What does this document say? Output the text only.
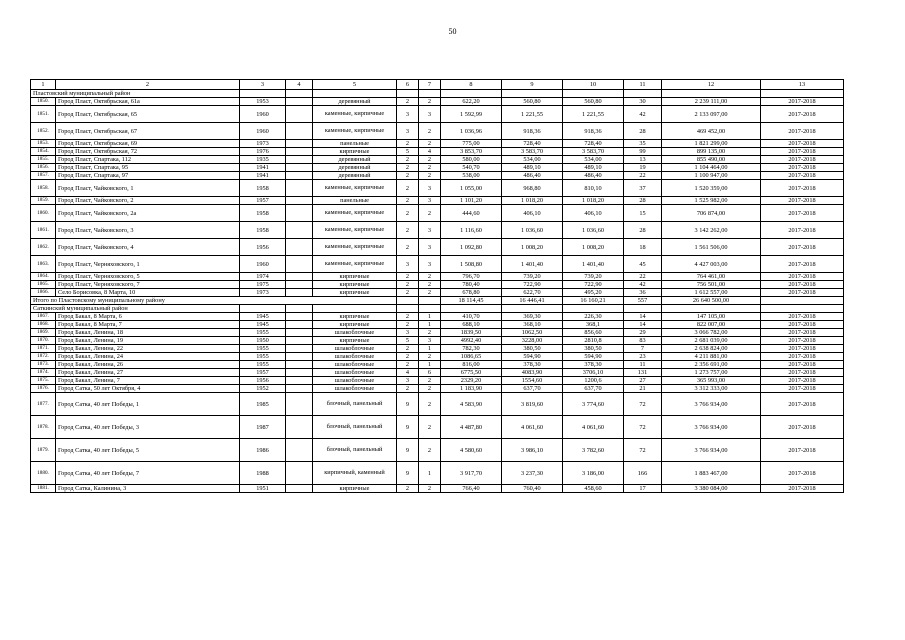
50
1	2	3	4	5	6	7	8	9	10	11	12	13
Пластовский муниципальный район												
1850.	Город Пласт, Октябрьская, 61а	1953		деревянный	2	2	622,20	560,80	560,80	30	2 239 111,00	2017-2018
1851.	Город Пласт, Октябрьская, 65	1960		каменные, кирпичные	3	3	1 592,99	1 221,55	1 221,55	42	2 133 097,00	2017-2018
1852.	Город Пласт, Октябрьская, 67	1960		каменные, кирпичные	3	2	1 036,96	918,36	918,36	28	469 452,00	2017-2018
1853.	Город Пласт, Октябрьская, 69	1973		панельные	2	2	775,00	728,40	728,40	35	1 821 299,00	2017-2018
1854.	Город Пласт, Октябрьская, 72	1976		кирпичные	5	4	3 853,70	3 583,70	3 583,70	99	899 135,00	2017-2018
1855.	Город Пласт, Спартака, 112	1935		деревянный	2	2	580,00	534,00	534,00	13	855 490,00	2017-2018
1856.	Город Пласт, Спартака, 95	1941		деревянный	2	2	540,70	489,10	489,10	19	1 104 464,00	2017-2018
1857.	Город Пласт, Спартака, 97	1941		деревянный	2	2	538,00	486,40	486,40	22	1 100 947,00	2017-2018
1858.	Город Пласт, Чайковского, 1	1958		каменные, кирпичные	2	3	1 055,00	968,80	810,10	37	1 520 359,00	2017-2018
1859.	Город Пласт, Чайковского, 2	1957		панельные	2	3	1 101,20	1 018,20	1 018,20	28	1 525 982,00	2017-2018
1860.	Город Пласт, Чайковского, 2а	1958		каменные, кирпичные	2	2	444,60	406,10	406,10	15	706 874,00	2017-2018
1861.	Город Пласт, Чайковского, 3	1958		каменные, кирпичные	2	3	1 116,60	1 036,60	1 036,60	28	3 142 262,00	2017-2018
1862.	Город Пласт, Чайковского, 4	1956		каменные, кирпичные	2	3	1 092,80	1 008,20	1 008,20	18	1 561 506,00	2017-2018
1863.	Город Пласт, Черняховского, 1	1960		каменные, кирпичные	3	3	1 508,80	1 401,40	1 401,40	45	4 427 003,00	2017-2018
1864.	Город Пласт, Черняховского, 5	1974		кирпичные	2	2	796,70	739,20	739,20	22	764 461,00	2017-2018
1865.	Город Пласт, Черняховского, 7	1975		кирпичные	2	2	780,40	722,90	722,90	42	756 501,00	2017-2018
1866.	Село Борисовка, 8 Марта, 10	1973		кирпичные	2	2	678,80	622,70	495,20	36	1 612 557,00	2017-2018
Итого по Пластовскому муниципальному району							18 114,45	16 446,41	16 160,21	557	26 640 500,00	
Саткинский муниципальный район												
1867.	Город Бакал, 8 Марта, 6	1945		кирпичные	2	1	410,70	369,30	226,30	14	147 105,00	2017-2018
1868.	Город Бакал, 8 Марта, 7	1945		кирпичные	2	1	688,10	368,10	368,1	14	822 007,00	2017-2018
1869.	Город Бакал, Ленина, 18	1955		шлакоблочные	3	2	1839,50	1062,50	856,60	29	3 066 782,00	2017-2018
1870.	Город Бакал, Ленина, 19	1950		кирпичные	5	3	4992,40	3228,00	2810,8	83	2 681 039,00	2017-2018
1871.	Город Бакал, Ленина, 22	1955		шлакоблочные	2	1	782,30	380,50	380,50	7	2 638 824,00	2017-2018
1872.	Город Бакал, Ленина, 24	1955		шлакоблочные	2	2	1086,65	594,90	594,90	23	4 211 881,00	2017-2018
1873.	Город Бакал, Ленина, 26	1955		шлакоблочные	2	1	816,00	378,30	378,30	11	2 356 691,00	2017-2018
1874.	Город Бакал, Ленина, 27	1957		шлакоблочные	4	6	6775,50	4083,90	3706,10	131	1 273 757,00	2017-2018
1875.	Город Бакал, Ленина, 7	1956		шлакоблочные	3	2	2329,20	1554,60	1200,6	27	365 993,00	2017-2018
1876.	Город Сатка, 50 лет Октября, 4	1952		шлакоблочные	2	2	1 183,90	637,70	637,70	21	3 312 333,00	2017-2018
1877.	Город Сатка, 40 лет Победы, 1	1985		блочный, панельный	9	2	4 583,90	3 819,60	3 774,60	72	3 766 934,00	2017-2018
1878.	Город Сатка, 40 лет Победы, 3	1987		блочный, панельный	9	2	4 487,80	4 061,60	4 061,60	72	3 766 934,00	2017-2018
1879.	Город Сатка, 40 лет Победы, 5	1986		блочный, панельный	9	2	4 580,60	3 986,10	3 782,60	72	3 766 934,00	2017-2018
1880.	Город Сатка, 40 лет Победы, 7	1988		кирпичный, каменный	9	1	3 917,70	3 237,30	3 186,00	166	1 883 467,00	2017-2018
1881.	Город Сатка, Калинина, 3	1951		кирпичные	2	2	766,40	760,40	458,60	17	3 380 084,00	2017-2018
